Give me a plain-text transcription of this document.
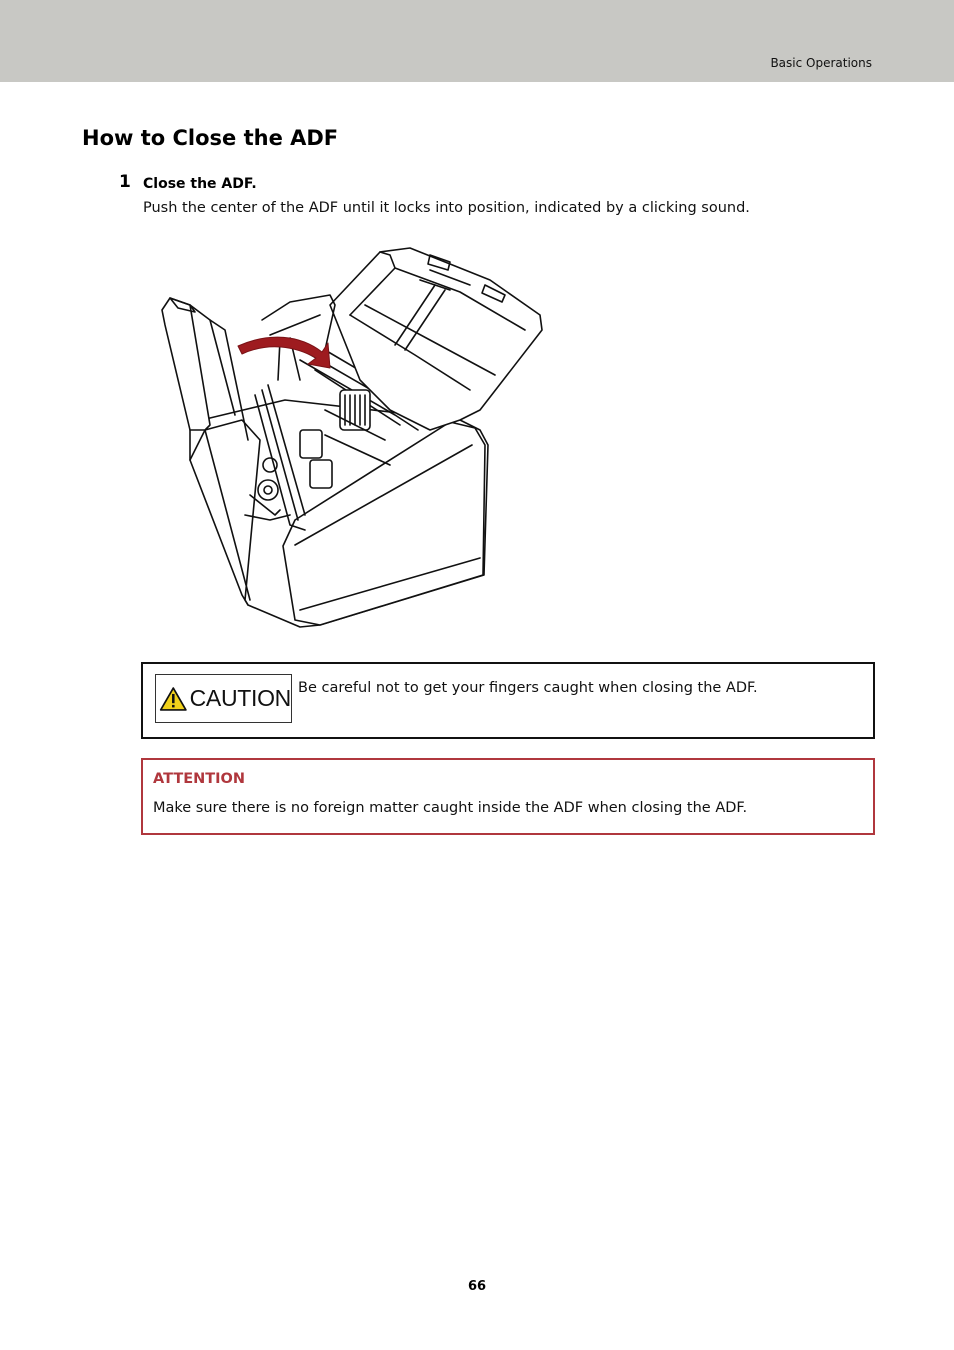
Basic Operations
How to Close the ADF
1 Close the ADF.

Push the center of the ADF until it locks into position, indicated by a clicking sound.

CAUTION Be careful not to get your fingers caught when closing the ADF.

ATTENTION

Make sure there is no foreign matter caught inside the ADF when closing the ADF.

66
